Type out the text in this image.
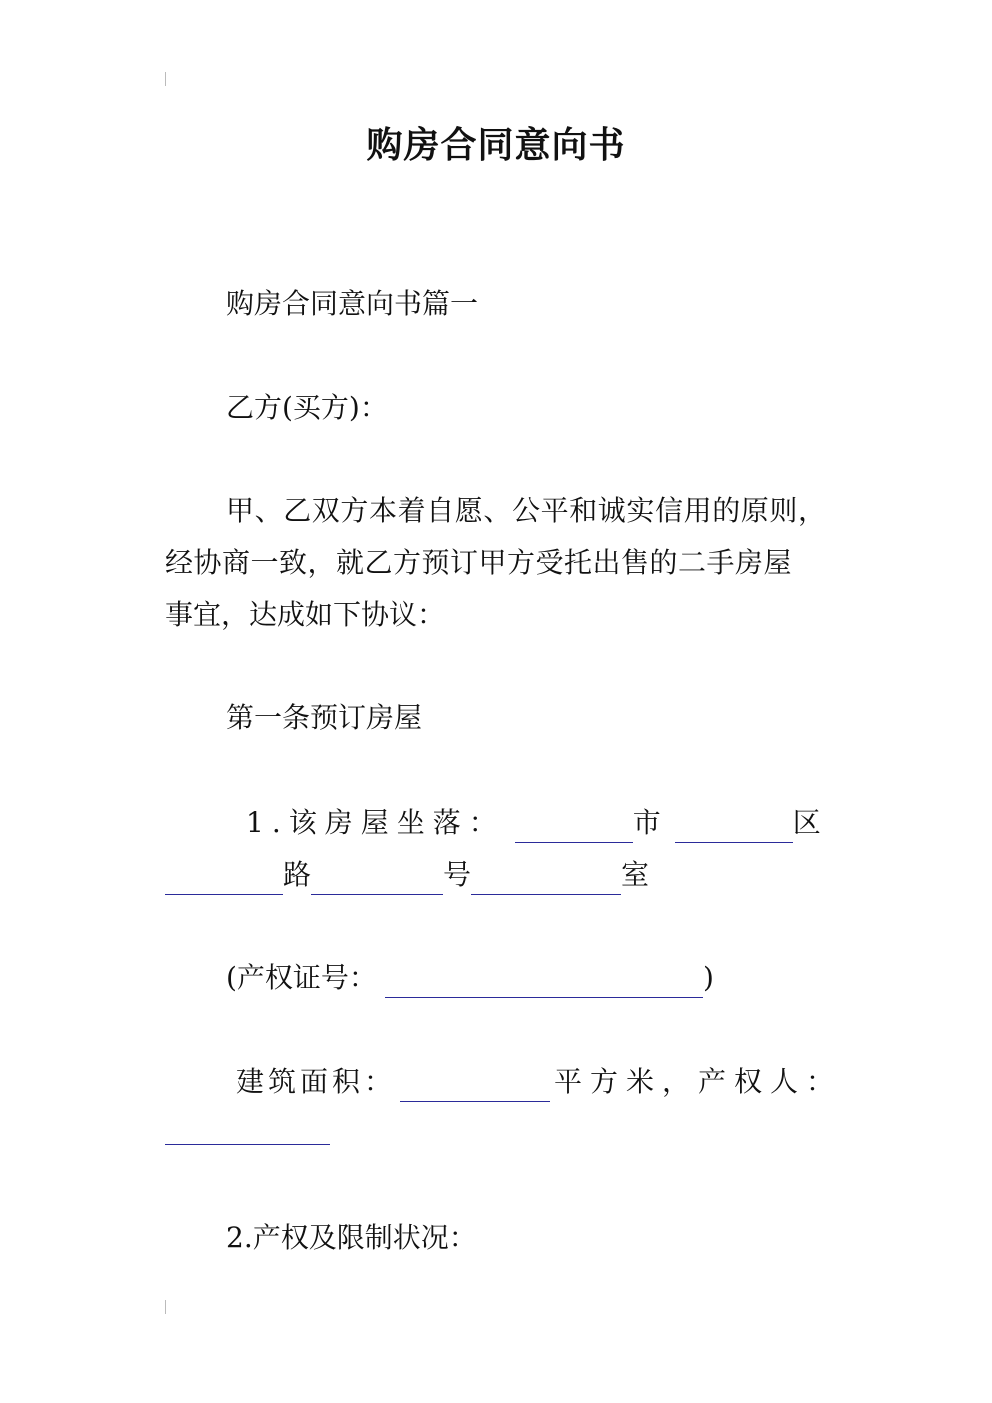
购房合同意向书
购房合同意向书篇一
乙方(买方)：
甲、乙双方本着自愿、公平和诚实信用的原则，
经协商一致，就乙方预订甲方受托出售的二手房屋
事宜，达成如下协议：
第一条预订房屋
1.该房屋坐落：	市	区
路	号	室
(产权证号：	)
建筑面积：	平方米，产权人：
2.产权及限制状况：
